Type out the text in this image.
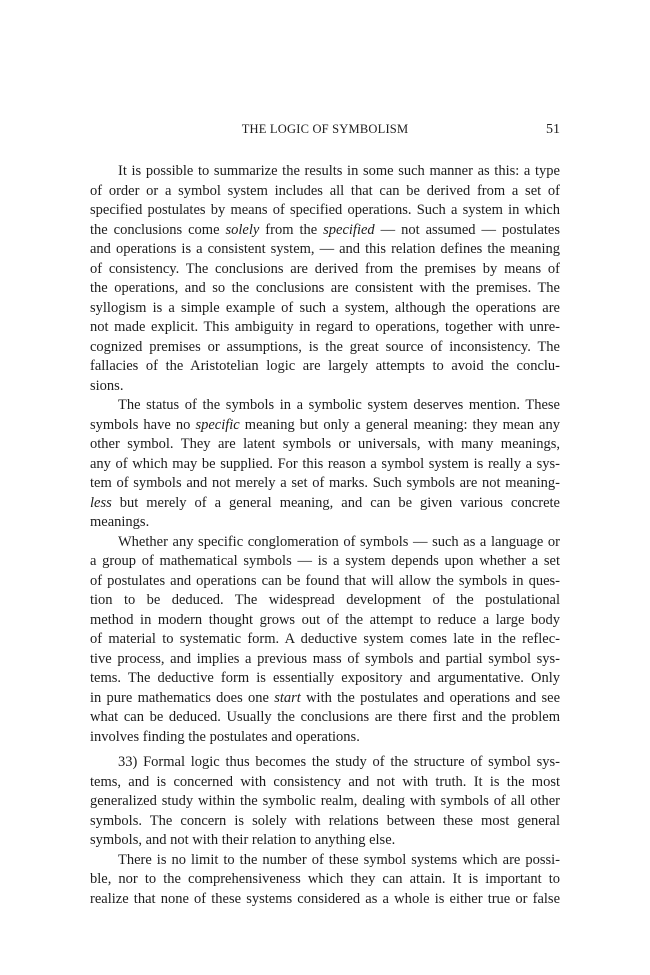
THE LOGIC OF SYMBOLISM	51
It is possible to summarize the results in some such manner as this: a type
of order or a symbol system includes all that can be derived from a set of
specified postulates by means of specified operations. Such a system in which
the conclusions come solely from the specified — not assumed — postulates
and operations is a consistent system, — and this relation defines the meaning
of consistency. The conclusions are derived from the premises by means of
the operations, and so the conclusions are consistent with the premises. The
syllogism is a simple example of such a system, although the operations are
not made explicit. This ambiguity in regard to operations, together with unre-
cognized premises or assumptions, is the great source of inconsistency. The
fallacies of the Aristotelian logic are largely attempts to avoid the conclu-
sions.
The status of the symbols in a symbolic system deserves mention. These
symbols have no specific meaning but only a general meaning: they mean any
other symbol. They are latent symbols or universals, with many meanings,
any of which may be supplied. For this reason a symbol system is really a sys-
tem of symbols and not merely a set of marks. Such symbols are not meaning-
less but merely of a general meaning, and can be given various concrete
meanings.
Whether any specific conglomeration of symbols — such as a language or
a group of mathematical symbols — is a system depends upon whether a set
of postulates and operations can be found that will allow the symbols in ques-
tion to be deduced. The widespread development of the postulational
method in modern thought grows out of the attempt to reduce a large body
of material to systematic form. A deductive system comes late in the reflec-
tive process, and implies a previous mass of symbols and partial symbol sys-
tems. The deductive form is essentially expository and argumentative. Only
in pure mathematics does one start with the postulates and operations and see
what can be deduced. Usually the conclusions are there first and the problem
involves finding the postulates and operations.
33) Formal logic thus becomes the study of the structure of symbol sys-
tems, and is concerned with consistency and not with truth. It is the most
generalized study within the symbolic realm, dealing with symbols of all other
symbols. The concern is solely with relations between these most general
symbols, and not with their relation to anything else.
There is no limit to the number of these symbol systems which are possi-
ble, nor to the comprehensiveness which they can attain. It is important to
realize that none of these systems considered as a whole is either true or false
